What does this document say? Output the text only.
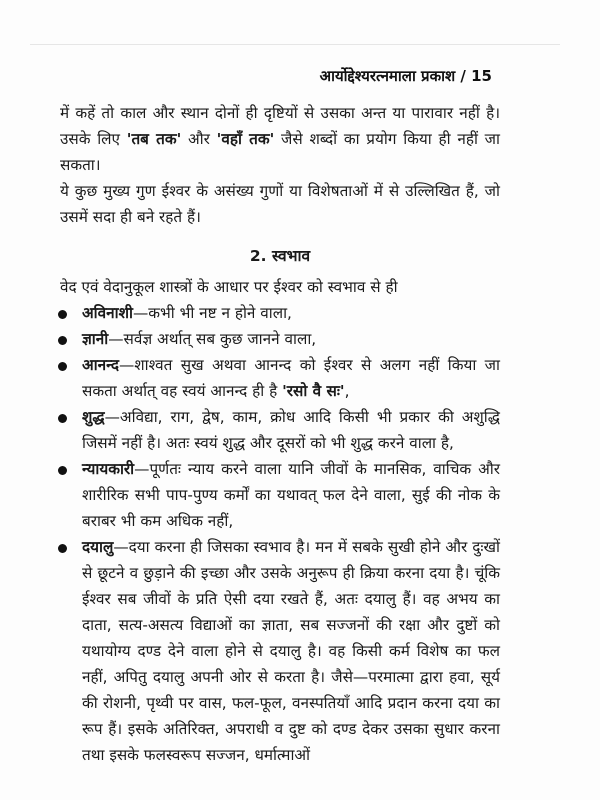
आर्योद्देश्यरत्नमाला प्रकाश / 15

में कहें तो काल और स्थान दोनों ही दृष्टियों से उसका अन्त या पारावार नहीं है। उसके लिए 'तब तक' और 'वहाँ तक' जैसे शब्दों का प्रयोग किया ही नहीं जा सकता।

ये कुछ मुख्य गुण ईश्वर के असंख्य गुणों या विशेषताओं में से उल्लिखित हैं, जो उसमें सदा ही बने रहते हैं।

2. स्वभाव

वेद एवं वेदानुकूल शास्त्रों के आधार पर ईश्वर को स्वभाव से ही

अविनाशी—कभी भी नष्ट न होने वाला,
ज्ञानी—सर्वज्ञ अर्थात् सब कुछ जानने वाला,
आनन्द—शाश्वत सुख अथवा आनन्द को ईश्वर से अलग नहीं किया जा सकता अर्थात् वह स्वयं आनन्द ही है 'रसो वै सः',
शुद्ध—अविद्या, राग, द्वेष, काम, क्रोध आदि किसी भी प्रकार की अशुद्धि जिसमें नहीं है। अतः स्वयं शुद्ध और दूसरों को भी शुद्ध करने वाला है,
न्यायकारी—पूर्णतः न्याय करने वाला यानि जीवों के मानसिक, वाचिक और शारीरिक सभी पाप-पुण्य कर्मों का यथावत् फल देने वाला, सुई की नोक के बराबर भी कम अधिक नहीं,
दयालु—दया करना ही जिसका स्वभाव है। मन में सबके सुखी होने और दुःखों से छूटने व छुड़ाने की इच्छा और उसके अनुरूप ही क्रिया करना दया है। चूंकि ईश्वर सब जीवों के प्रति ऐसी दया रखते हैं, अतः दयालु हैं। वह अभय का दाता, सत्य-असत्य विद्याओं का ज्ञाता, सब सज्जनों की रक्षा और दुष्टों को यथायोग्य दण्ड देने वाला होने से दयालु है। वह किसी कर्म विशेष का फल नहीं, अपितु दयालु अपनी ओर से करता है। जैसे—परमात्मा द्वारा हवा, सूर्य की रोशनी, पृथ्वी पर वास, फल-फूल, वनस्पतियाँ आदि प्रदान करना दया का रूप हैं। इसके अतिरिक्त, अपराधी व दुष्ट को दण्ड देकर उसका सुधार करना तथा इसके फलस्वरूप सज्जन, धर्मात्माओं
